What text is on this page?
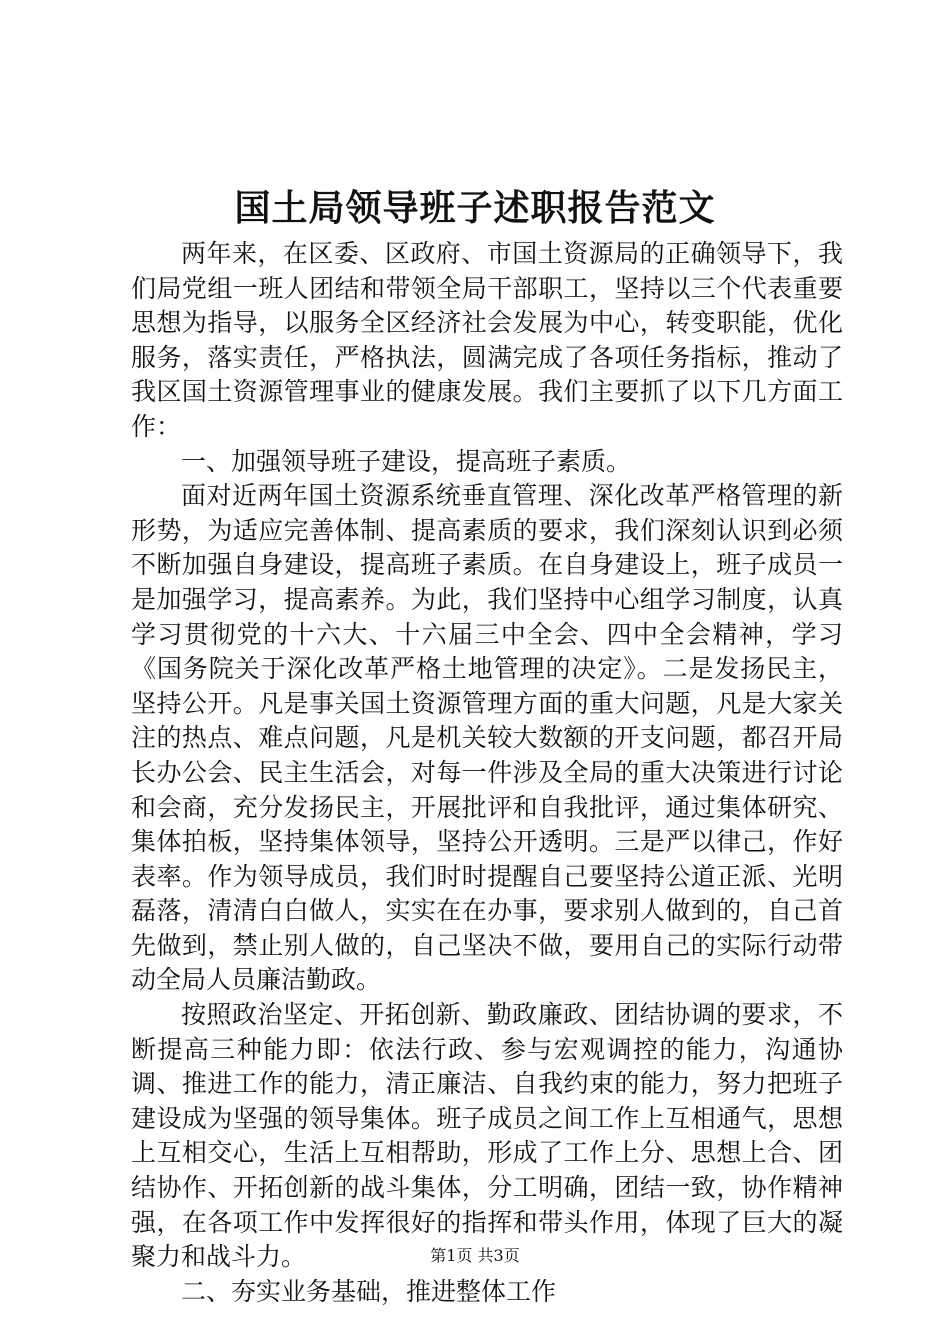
国土局领导班子述职报告范文

两年来，在区委、区政府、市国土资源局的正确领导下，我们局党组一班人团结和带领全局干部职工，坚持以三个代表重要思想为指导，以服务全区经济社会发展为中心，转变职能，优化服务，落实责任，严格执法，圆满完成了各项任务指标，推动了我区国土资源管理事业的健康发展。我们主要抓了以下几方面工作：

一、加强领导班子建设，提高班子素质。

面对近两年国土资源系统垂直管理、深化改革严格管理的新形势，为适应完善体制、提高素质的要求，我们深刻认识到必须不断加强自身建设，提高班子素质。在自身建设上，班子成员一是加强学习，提高素养。为此，我们坚持中心组学习制度，认真学习贯彻党的十六大、十六届三中全会、四中全会精神，学习《国务院关于深化改革严格土地管理的决定》。二是发扬民主，坚持公开。凡是事关国土资源管理方面的重大问题，凡是大家关注的热点、难点问题，凡是机关较大数额的开支问题，都召开局长办公会、民主生活会，对每一件涉及全局的重大决策进行讨论和会商，充分发扬民主，开展批评和自我批评，通过集体研究、集体拍板，坚持集体领导，坚持公开透明。三是严以律己，作好表率。作为领导成员，我们时时提醒自己要坚持公道正派、光明磊落，清清白白做人，实实在在办事，要求别人做到的，自己首先做到，禁止别人做的，自己坚决不做，要用自己的实际行动带动全局人员廉洁勤政。

按照政治坚定、开拓创新、勤政廉政、团结协调的要求，不断提高三种能力即：依法行政、参与宏观调控的能力，沟通协调、推进工作的能力，清正廉洁、自我约束的能力，努力把班子建设成为坚强的领导集体。班子成员之间工作上互相通气，思想上互相交心，生活上互相帮助，形成了工作上分、思想上合、团结协作、开拓创新的战斗集体，分工明确，团结一致，协作精神强，在各项工作中发挥很好的指挥和带头作用，体现了巨大的凝聚力和战斗力。

二、夯实业务基础，推进整体工作

第1页 共3页
